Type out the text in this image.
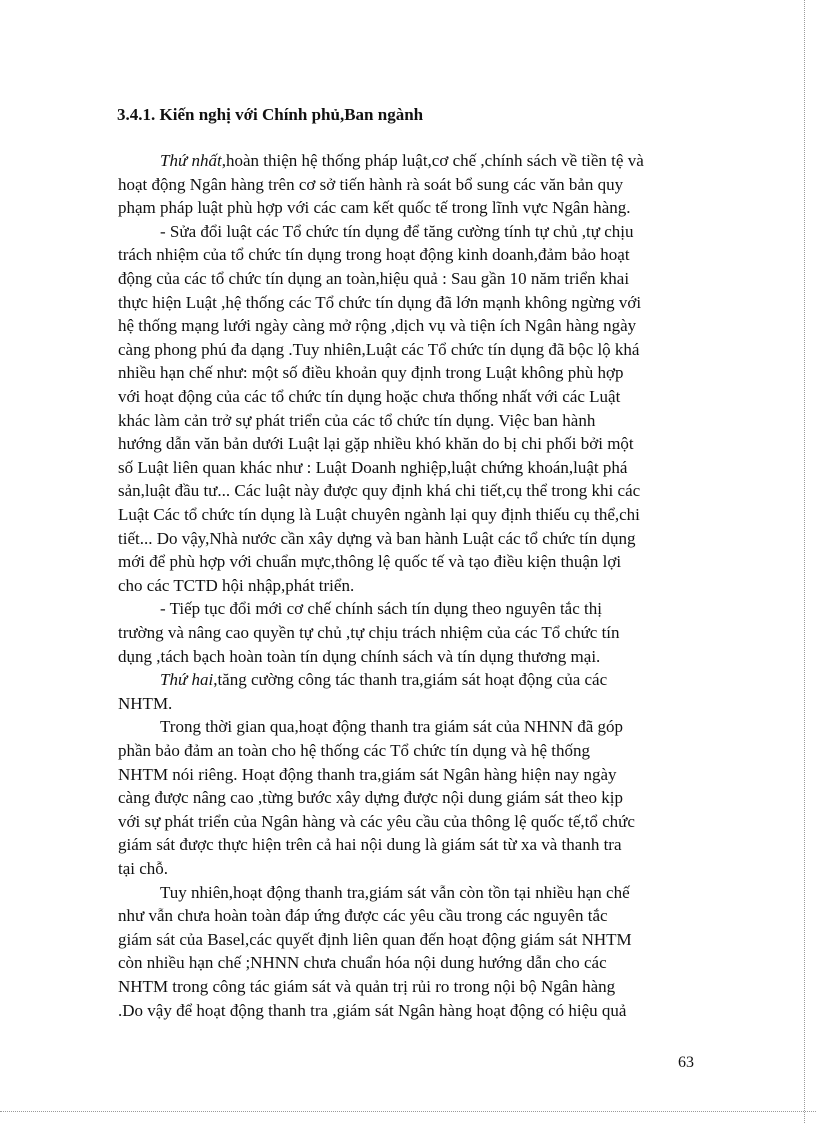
3.4.1. Kiến nghị với Chính phủ,Ban ngành
Thứ nhất,hoàn thiện hệ thống pháp luật,cơ chế ,chính sách về tiền tệ và
hoạt động Ngân hàng trên cơ sở tiến hành rà soát bổ sung các văn bản quy
phạm pháp luật phù hợp với các cam kết quốc tế trong lĩnh vực Ngân hàng.
- Sửa đổi luật các Tổ chức tín dụng để tăng cường tính tự chủ ,tự chịu
trách nhiệm của tổ chức tín dụng trong hoạt động kinh doanh,đảm bảo hoạt
động của các tổ chức tín dụng an toàn,hiệu quả : Sau gần 10 năm triển khai
thực hiện Luật ,hệ thống các Tổ chức tín dụng đã lớn mạnh không ngừng với
hệ thống mạng lưới ngày càng mở rộng ,dịch vụ và tiện ích Ngân hàng ngày
càng phong phú đa dạng .Tuy nhiên,Luật các Tổ chức tín dụng đã bộc lộ khá
nhiều hạn chế như: một số điều khoản quy định trong Luật không phù hợp
với hoạt động của các tổ chức tín dụng hoặc chưa thống nhất với các Luật
khác làm cản trở sự phát triển của các tổ chức tín dụng. Việc ban hành
hướng dẫn văn bản dưới Luật lại gặp nhiều khó khăn do bị chi phối bởi một
số Luật liên quan khác như : Luật Doanh nghiệp,luật chứng khoán,luật phá
sản,luật đầu tư... Các luật này được quy định khá chi tiết,cụ thể trong khi các
Luật Các tổ chức tín dụng là Luật chuyên ngành lại quy định thiếu cụ thể,chi
tiết... Do vậy,Nhà nước cần xây dựng và ban hành Luật các tổ chức tín dụng
mới để phù hợp với chuẩn mực,thông lệ quốc tế và tạo điều kiện thuận lợi
cho các TCTD hội nhập,phát triển.
- Tiếp tục đổi mới cơ chế chính sách tín dụng theo nguyên tắc thị
trường và nâng cao quyền tự chủ ,tự chịu trách nhiệm của các Tổ chức tín
dụng ,tách bạch hoàn toàn tín dụng chính sách và tín dụng thương mại.
Thứ hai,tăng cường công tác thanh tra,giám sát hoạt động của các
NHTM.
Trong thời gian qua,hoạt động thanh tra giám sát của NHNN đã góp
phần bảo đảm an toàn cho hệ thống các Tổ chức tín dụng và hệ thống
NHTM nói riêng. Hoạt động thanh tra,giám sát Ngân hàng hiện nay ngày
càng được nâng cao ,từng bước xây dựng được nội dung giám sát theo kịp
với sự phát triển của Ngân hàng và các yêu cầu của thông lệ quốc tế,tổ chức
giám sát được thực hiện trên cả hai nội dung là giám sát từ xa và thanh tra
tại chỗ.
Tuy nhiên,hoạt động thanh tra,giám sát vẫn còn tồn tại nhiều hạn chế
như vẫn chưa hoàn toàn đáp ứng được các yêu cầu trong các nguyên tắc
giám sát của Basel,các quyết định liên quan đến hoạt động giám sát NHTM
còn nhiều hạn chế ;NHNN chưa chuẩn hóa nội dung hướng dẫn cho các
NHTM trong công tác giám sát và quản trị rủi ro trong nội bộ Ngân hàng
.Do vậy để hoạt động thanh tra ,giám sát Ngân hàng hoạt động có hiệu quả
63
